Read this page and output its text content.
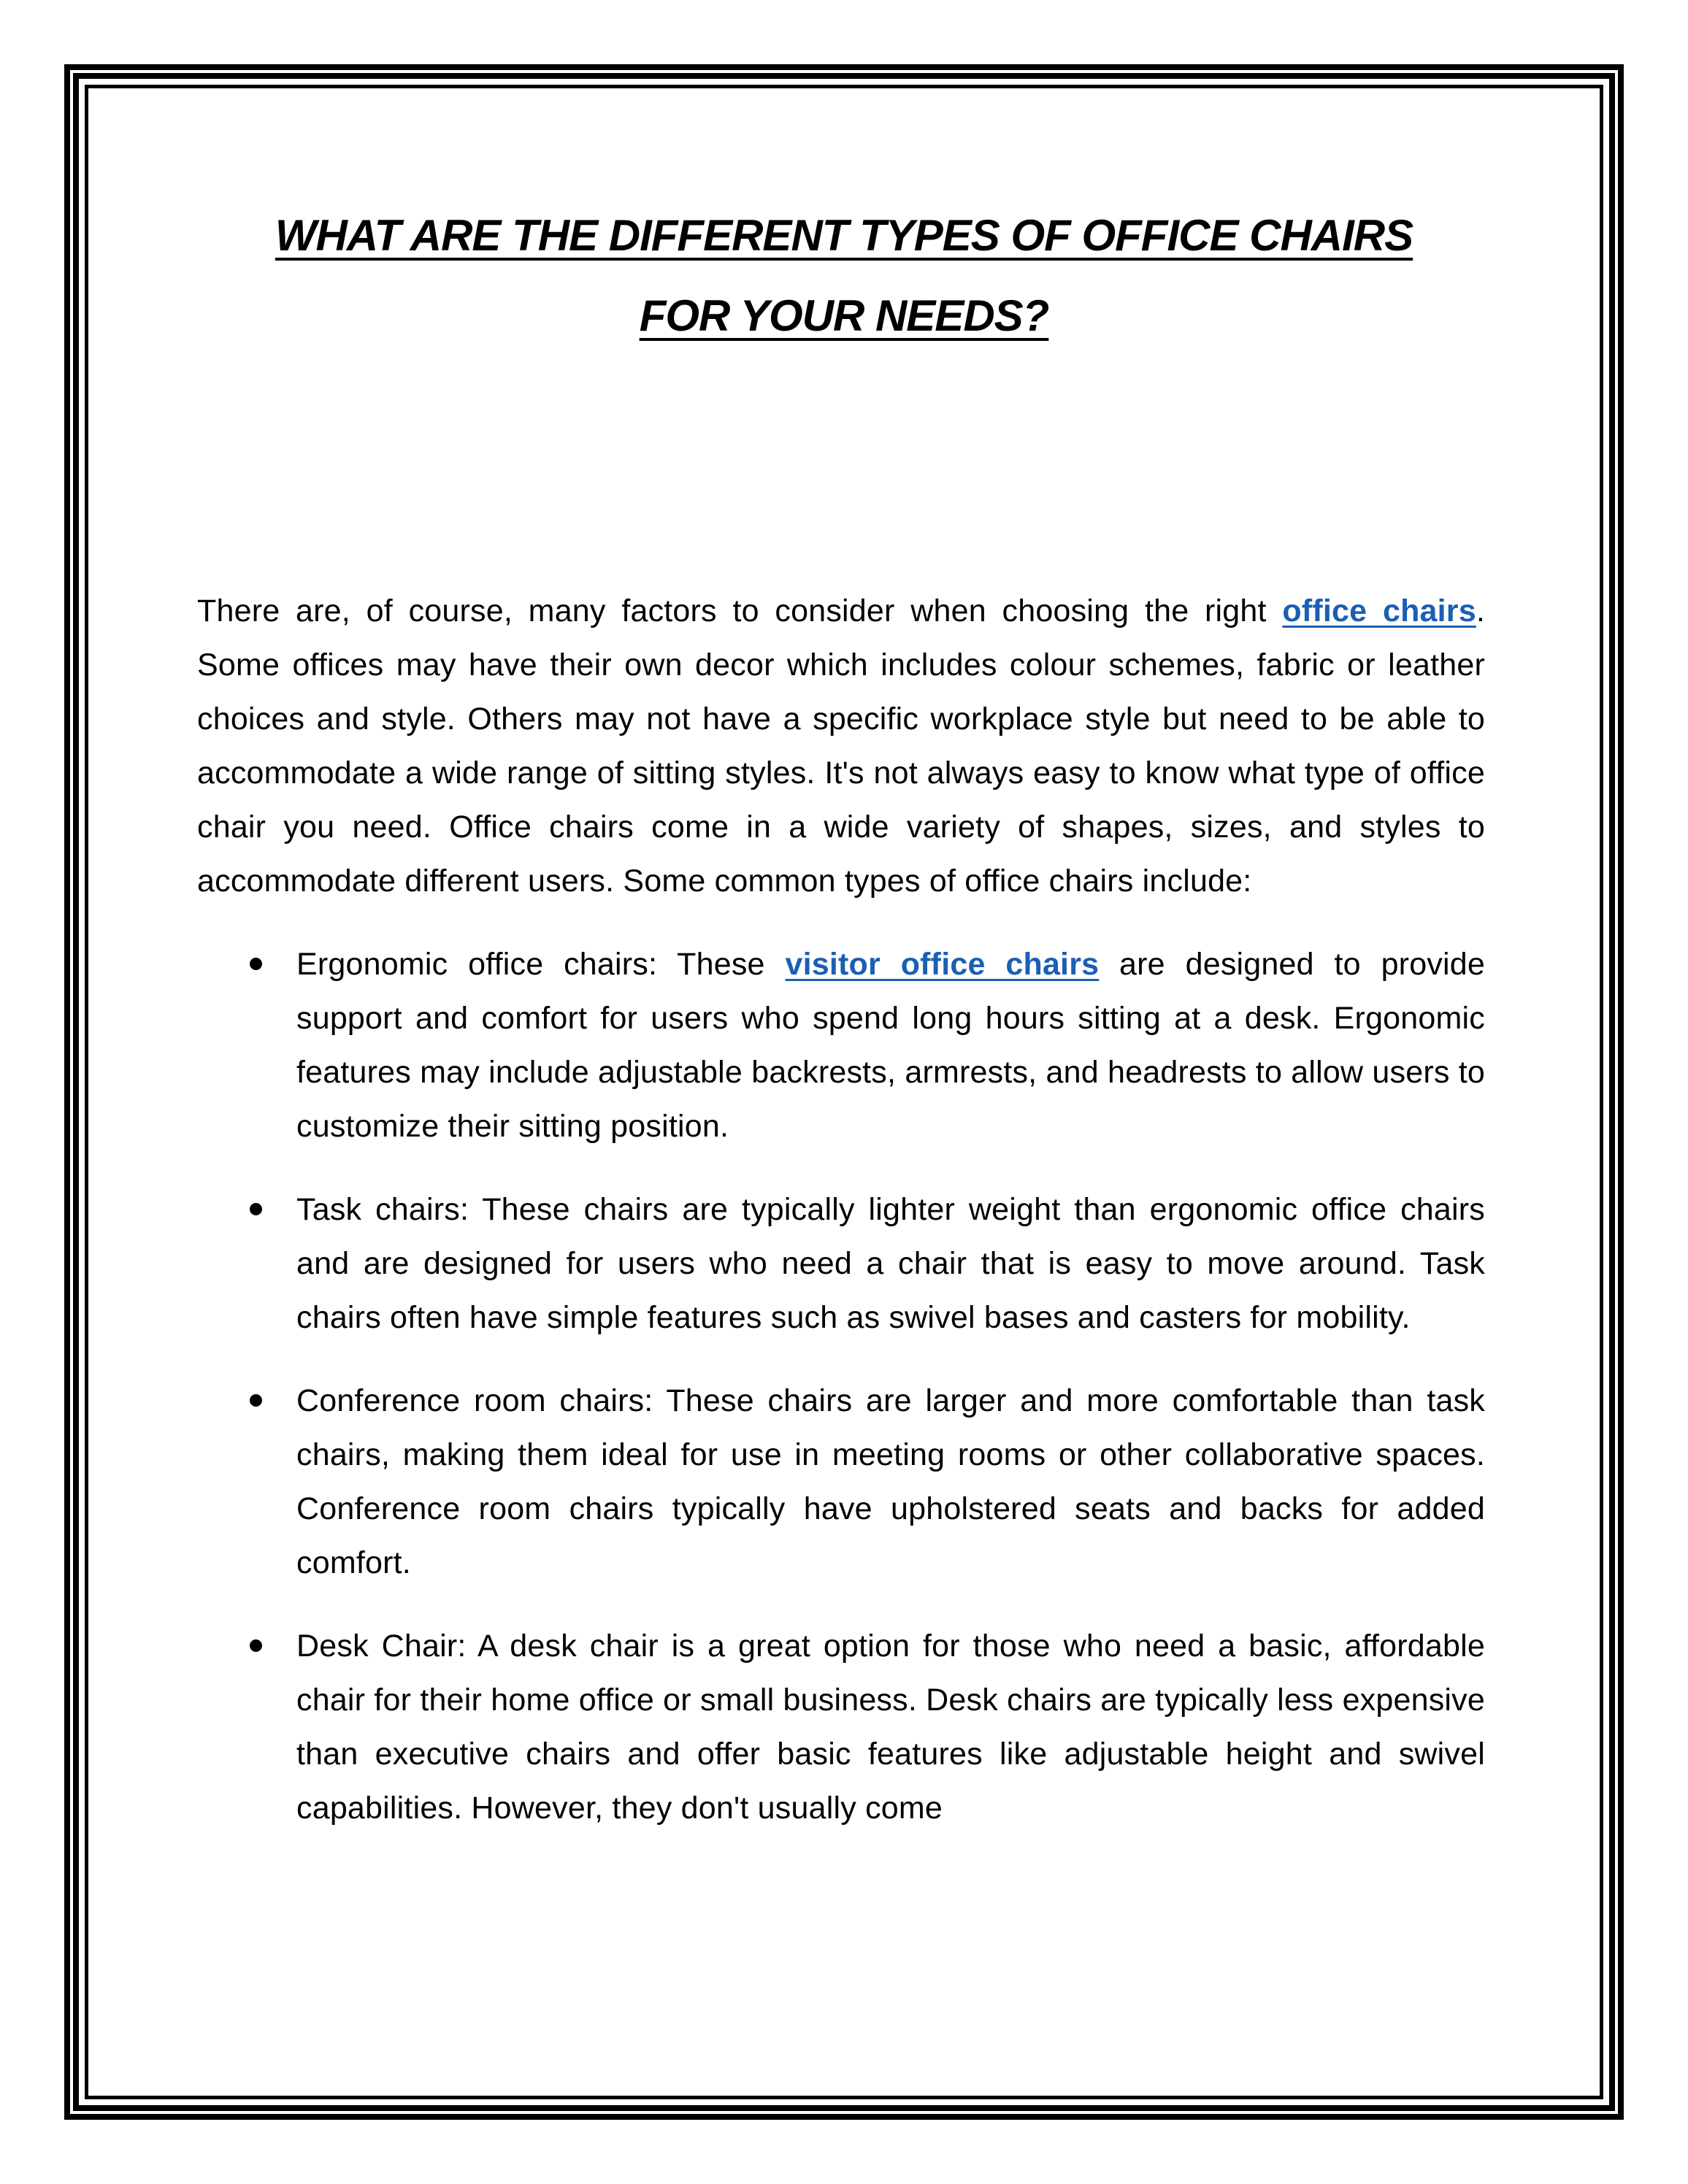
WHAT ARE THE DIFFERENT TYPES OF OFFICE CHAIRS
FOR YOUR NEEDS?

There are, of course, many factors to consider when choosing the right office chairs. Some offices may have their own decor which includes colour schemes, fabric or leather choices and style. Others may not have a specific workplace style but need to be able to accommodate a wide range of sitting styles. It's not always easy to know what type of office chair you need. Office chairs come in a wide variety of shapes, sizes, and styles to accommodate different users. Some common types of office chairs include:

Ergonomic office chairs: These visitor office chairs are designed to provide support and comfort for users who spend long hours sitting at a desk. Ergonomic features may include adjustable backrests, armrests, and headrests to allow users to customize their sitting position.
Task chairs: These chairs are typically lighter weight than ergonomic office chairs and are designed for users who need a chair that is easy to move around. Task chairs often have simple features such as swivel bases and casters for mobility.
Conference room chairs: These chairs are larger and more comfortable than task chairs, making them ideal for use in meeting rooms or other collaborative spaces. Conference room chairs typically have upholstered seats and backs for added comfort.
Desk Chair: A desk chair is a great option for those who need a basic, affordable chair for their home office or small business. Desk chairs are typically less expensive than executive chairs and offer basic features like adjustable height and swivel capabilities. However, they don't usually come
